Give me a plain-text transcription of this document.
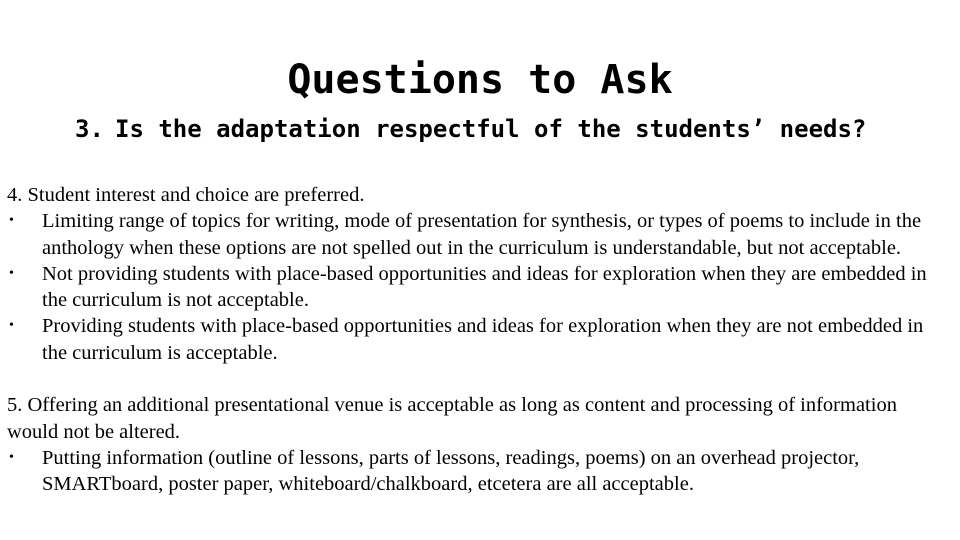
Questions to Ask
3. Is the adaptation respectful of the students’ needs?

4. Student interest and choice are preferred.

•	Limiting range of topics for writing, mode of presentation for synthesis, or types of poems to include in the anthology when these options are not spelled out in the curriculum is understandable, but not acceptable.
•	Not providing students with place-based opportunities and ideas for exploration when they are embedded in the curriculum is not acceptable.
•	Providing students with place-based opportunities and ideas for exploration when they are not embedded in the curriculum is acceptable.

5. Offering an additional presentational venue is acceptable as long as content and processing of information would not be altered.

•	Putting information (outline of lessons, parts of lessons, readings, poems) on an overhead projector, SMARTboard, poster paper, whiteboard/chalkboard, etcetera are all acceptable.
